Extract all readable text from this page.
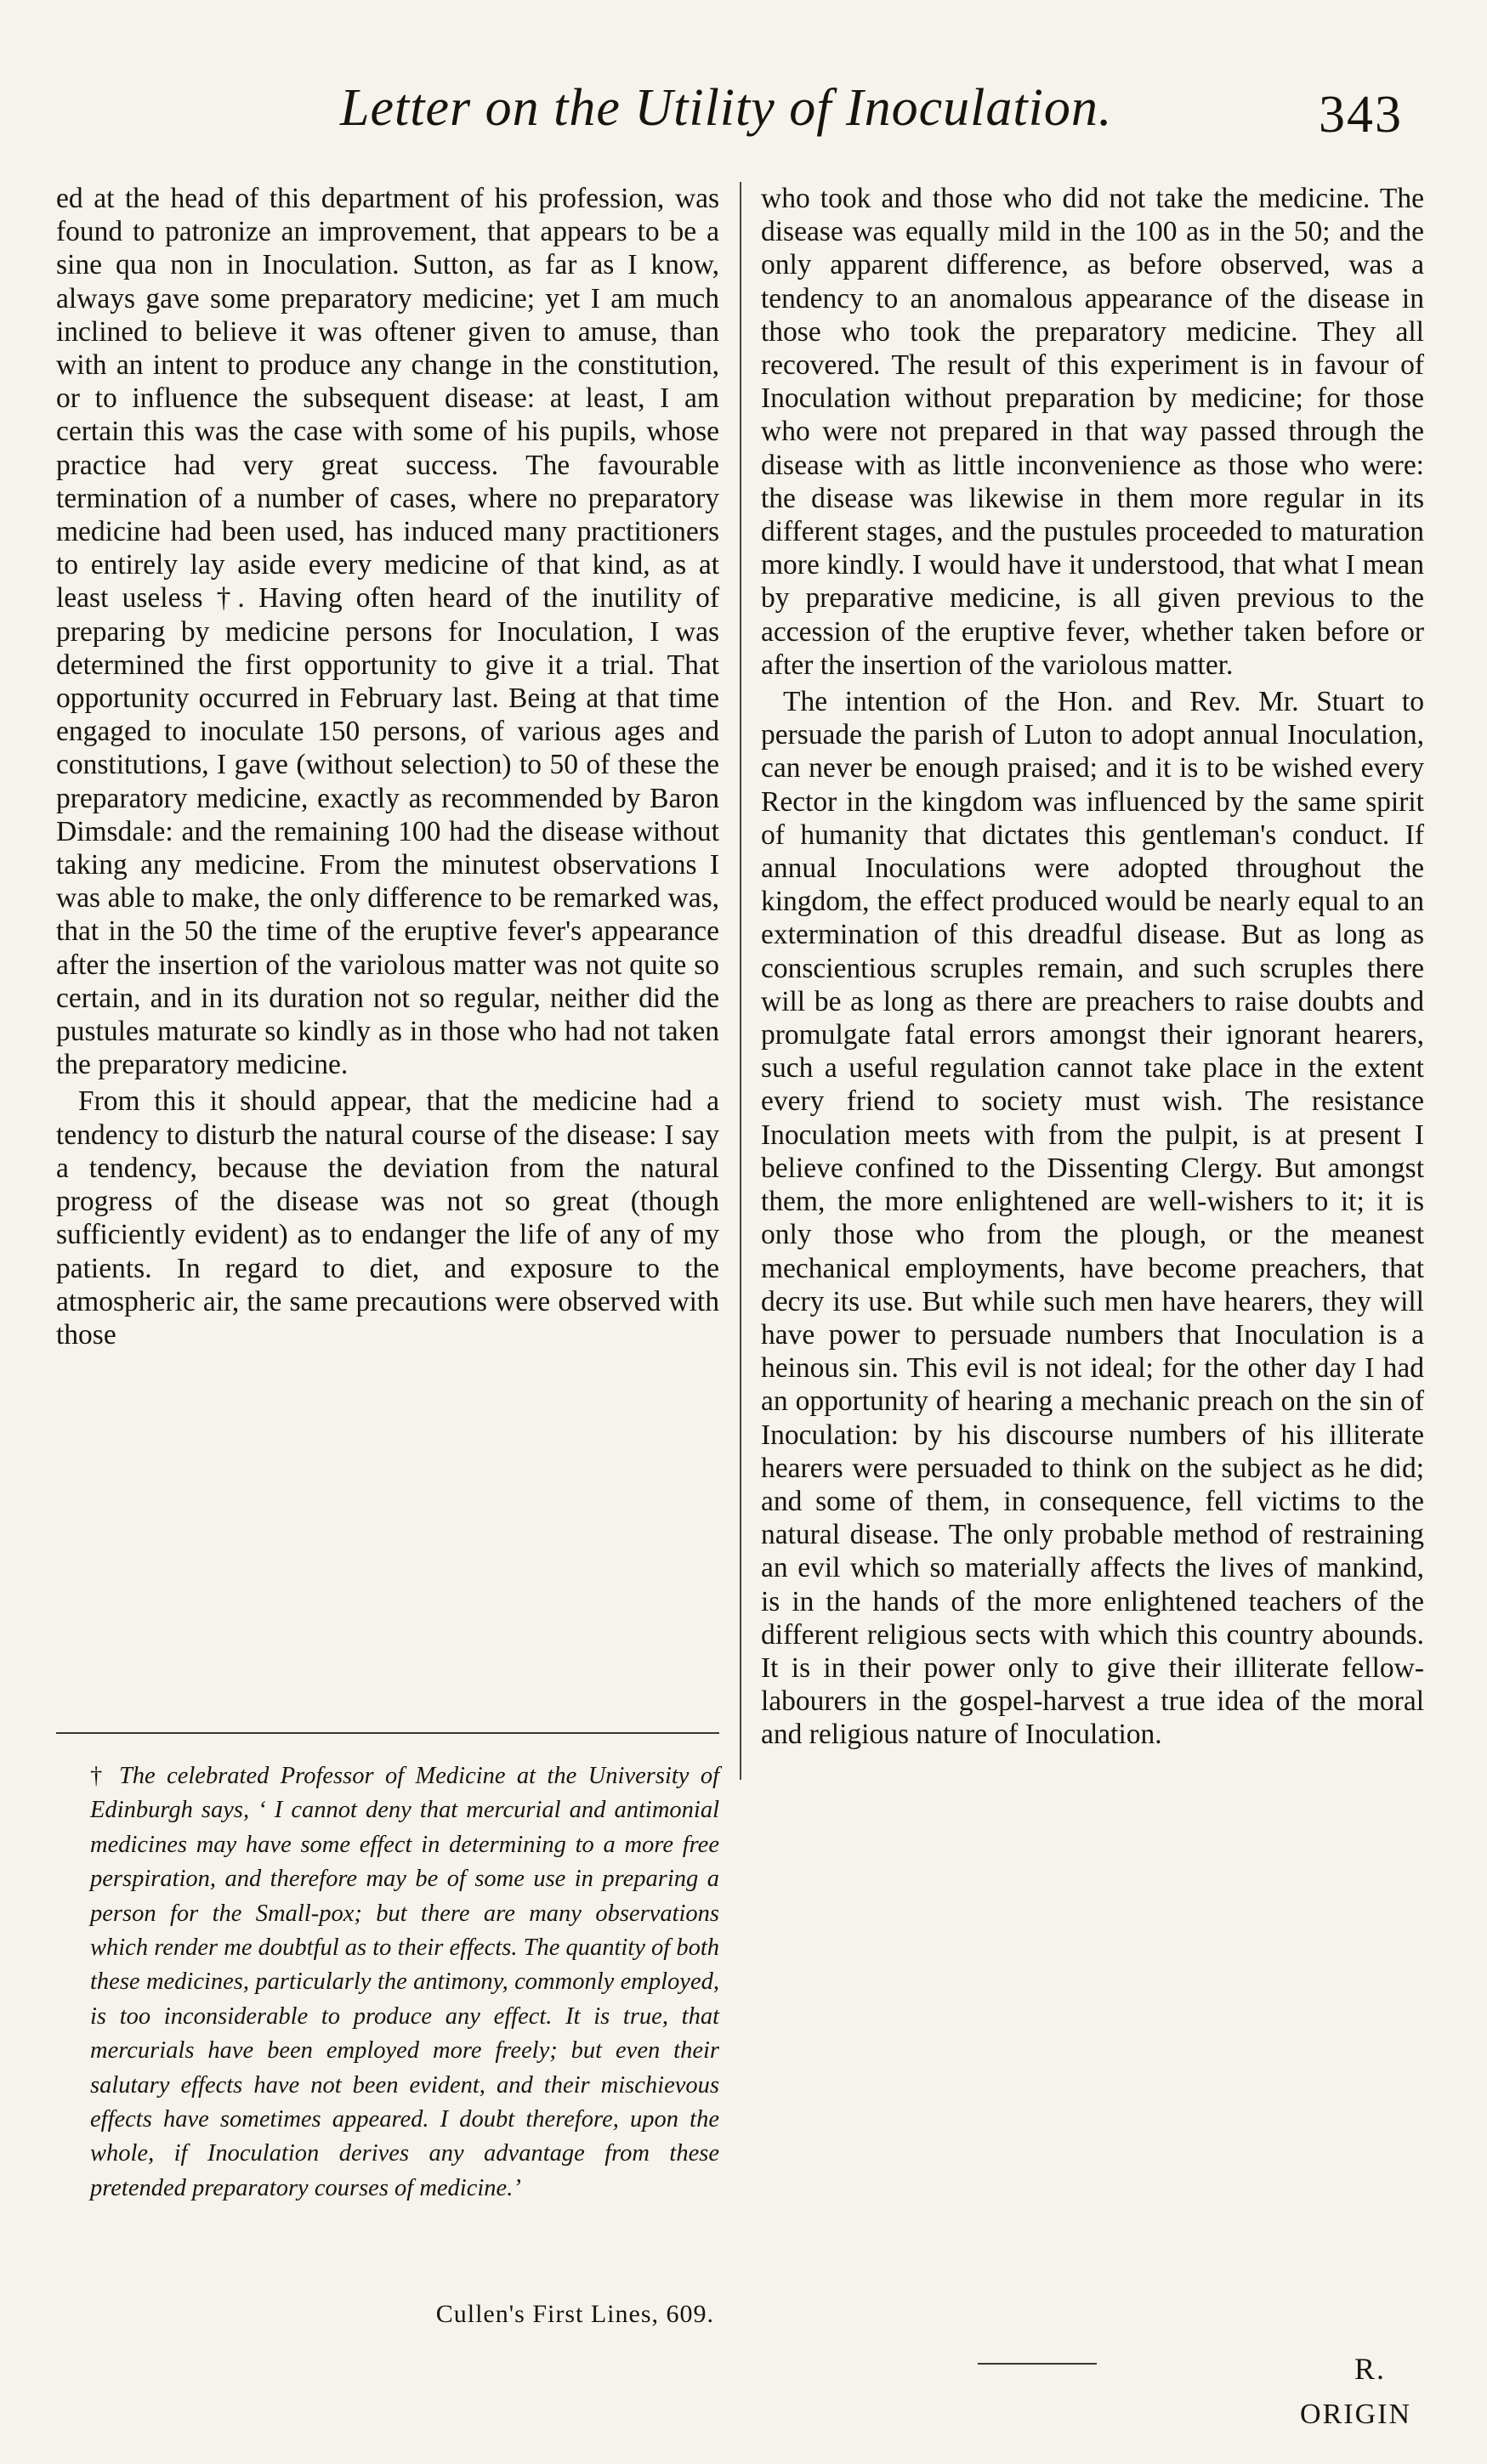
Letter on the Utility of Inoculation.	343

ed at the head of this department of his profession, was found to patronize an improvement, that appears to be a sine qua non in Inoculation. Sutton, as far as I know, always gave some preparatory medicine; yet I am much inclined to believe it was oftener given to amuse, than with an intent to produce any change in the constitution, or to influence the subsequent disease: at least, I am certain this was the case with some of his pupils, whose practice had very great success. The favourable termination of a number of cases, where no preparatory medicine had been used, has induced many practitioners to entirely lay aside every medicine of that kind, as at least useless †. Having often heard of the inutility of preparing by medicine persons for Inoculation, I was determined the first opportunity to give it a trial. That opportunity occurred in February last. Being at that time engaged to inoculate 150 persons, of various ages and constitutions, I gave (without selection) to 50 of these the preparatory medicine, exactly as recommended by Baron Dimsdale: and the remaining 100 had the disease without taking any medicine. From the minutest observations I was able to make, the only difference to be remarked was, that in the 50 the time of the eruptive fever's appearance after the insertion of the variolous matter was not quite so certain, and in its duration not so regular, neither did the pustules maturate so kindly as in those who had not taken the preparatory medicine.

From this it should appear, that the medicine had a tendency to disturb the natural course of the disease: I say a tendency, because the deviation from the natural progress of the disease was not so great (though sufficiently evident) as to endanger the life of any of my patients. In regard to diet, and exposure to the atmospheric air, the same precautions were observed with those

who took and those who did not take the medicine. The disease was equally mild in the 100 as in the 50; and the only apparent difference, as before observed, was a tendency to an anomalous appearance of the disease in those who took the preparatory medicine. They all recovered. The result of this experiment is in favour of Inoculation without preparation by medicine; for those who were not prepared in that way passed through the disease with as little inconvenience as those who were: the disease was likewise in them more regular in its different stages, and the pustules proceeded to maturation more kindly. I would have it understood, that what I mean by preparative medicine, is all given previous to the accession of the eruptive fever, whether taken before or after the insertion of the variolous matter.

The intention of the Hon. and Rev. Mr. Stuart to persuade the parish of Luton to adopt annual Inoculation, can never be enough praised; and it is to be wished every Rector in the kingdom was influenced by the same spirit of humanity that dictates this gentleman's conduct. If annual Inoculations were adopted throughout the kingdom, the effect produced would be nearly equal to an extermination of this dreadful disease. But as long as conscientious scruples remain, and such scruples there will be as long as there are preachers to raise doubts and promulgate fatal errors amongst their ignorant hearers, such a useful regulation cannot take place in the extent every friend to society must wish. The resistance Inoculation meets with from the pulpit, is at present I believe confined to the Dissenting Clergy. But amongst them, the more enlightened are well-wishers to it; it is only those who from the plough, or the meanest mechanical employments, have become preachers, that decry its use. But while such men have hearers, they will have power to persuade numbers that Inoculation is a heinous sin. This evil is not ideal; for the other day I had an opportunity of hearing a mechanic preach on the sin of Inoculation: by his discourse numbers of his illiterate hearers were persuaded to think on the subject as he did; and some of them, in consequence, fell victims to the natural disease. The only probable method of restraining an evil which so materially affects the lives of mankind, is in the hands of the more enlightened teachers of the different religious sects with which this country abounds. It is in their power only to give their illiterate fellow-labourers in the gospel-harvest a true idea of the moral and religious nature of Inoculation.

† The celebrated Professor of Medicine at the University of Edinburgh says, ‘ I cannot deny that mercurial and antimonial medicines may have some effect in determining to a more free perspiration, and therefore may be of some use in preparing a person for the Small-pox; but there are many observations which render me doubtful as to their effects. The quantity of both these medicines, particularly the antimony, commonly employed, is too inconsiderable to produce any effect. It is true, that mercurials have been employed more freely; but even their salutary effects have not been evident, and their mischievous effects have sometimes appeared. I doubt therefore, upon the whole, if Inoculation derives any advantage from these pretended preparatory courses of medicine.’
Cullen's First Lines, 609.
R.
ORIGIN
